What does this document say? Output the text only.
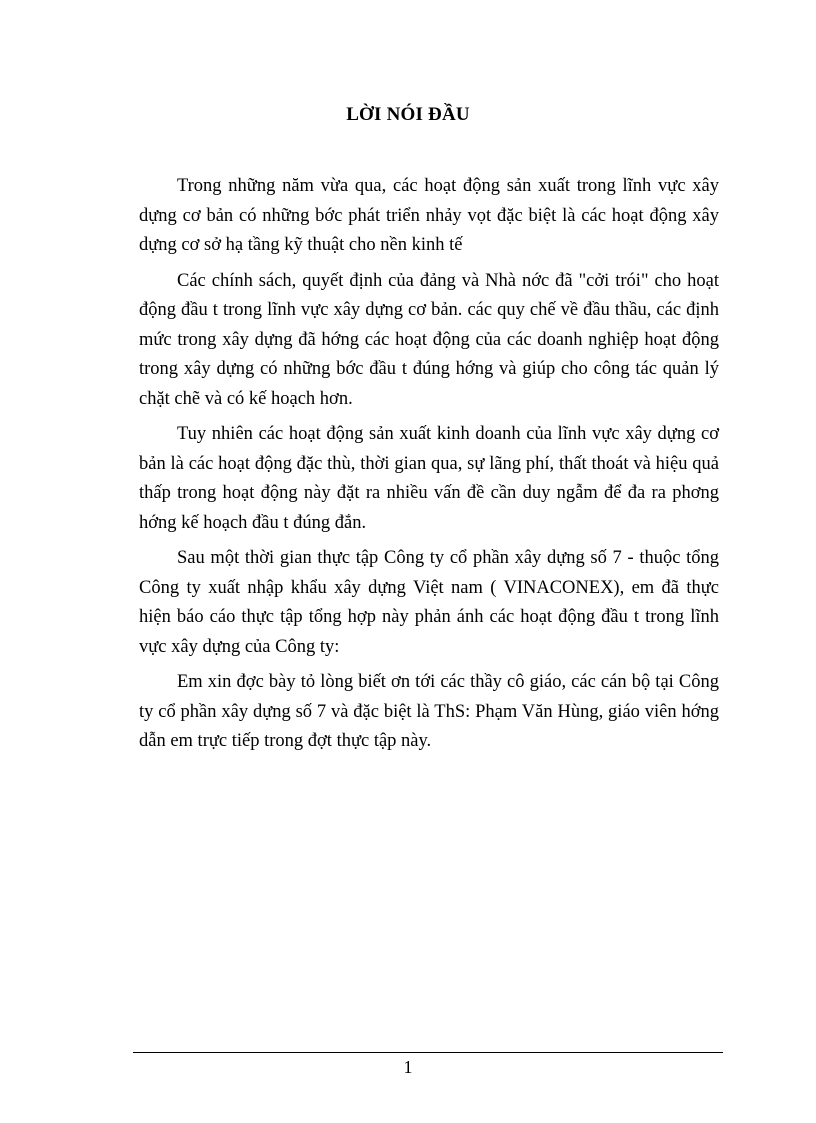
LỜI NÓI ĐẦU

Trong những năm vừa qua, các hoạt động sản xuất trong lĩnh vực xây dựng cơ bản có những bớc phát triển nhảy vọt đặc biệt là các hoạt động xây dựng cơ sở hạ tầng kỹ thuật cho nền kinh tế

Các chính sách, quyết định của đảng và Nhà nớc đã "cởi trói" cho hoạt động đầu t trong lĩnh vực xây dựng cơ bản. các quy chế về đầu thầu, các định mức trong xây dựng đã hớng các hoạt động của các doanh nghiệp hoạt động trong xây dựng có những bớc đầu t đúng hớng và giúp cho công tác quản lý chặt chẽ và có kế hoạch hơn.

Tuy nhiên các hoạt động sản xuất kinh doanh của lĩnh vực xây dựng cơ bản là các hoạt động đặc thù, thời gian qua, sự lãng phí, thất thoát và hiệu quả thấp trong hoạt động này đặt ra nhiều vấn đề cần duy ngẫm để đa ra phơng hớng kế hoạch đầu t đúng đắn.

Sau một thời gian thực tập Công ty cổ phần xây dựng số 7 - thuộc tổng Công ty xuất nhập khẩu xây dựng Việt nam ( VINACONEX), em đã thực hiện báo cáo thực tập tổng hợp này phản ánh các hoạt động đầu t trong lĩnh vực xây dựng của Công ty:

Em xin đợc bày tỏ lòng biết ơn tới các thầy cô giáo, các cán bộ tại Công ty cổ phần xây dựng số 7 và đặc biệt là ThS: Phạm Văn Hùng, giáo viên hớng dẫn em trực tiếp trong đợt thực tập này.

1
